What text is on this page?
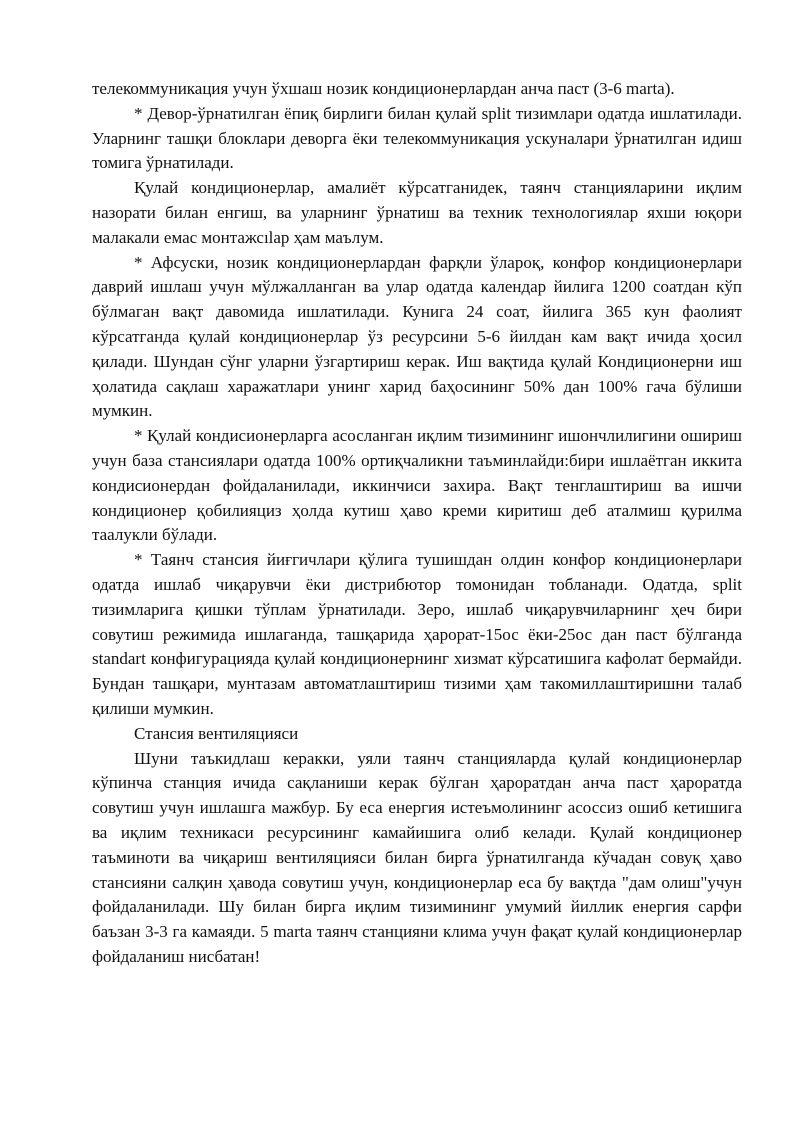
телекоммуникация учун ўхшаш нозик кондиционерлардан анча паст (3-6 marta).

* Девор-ўрнатилган ёпиқ бирлиги билан қулай split тизимлари одатда ишлатилади. Уларнинг ташқи блоклари деворга ёки телекоммуникация ускуналари ўрнатилган идиш томига ўрнатилади.

Қулай кондиционерлар, амалиёт кўрсатганидек, таянч станцияларини иқлим назорати билан енгиш, ва уларнинг ўрнатиш ва техник технологиялар яхши юқори малакали емас монтажсılар ҳам маълум.

* Афсуски, нозик кондиционерлардан фарқли ўлароқ, конфор кондиционерлари даврий ишлаш учун мўлжалланган ва улар одатда календар йилига 1200 соатдан кўп бўлмаган вақт давомида ишлатилади. Кунига 24 соат, йилига 365 кун фаолият кўрсатганда қулай кондиционерлар ўз ресурсини 5-6 йилдан кам вақт ичида ҳосил қилади. Шундан сўнг уларни ўзгартириш керак. Иш вақтида қулай Кондиционерни иш ҳолатида сақлаш харажатлари унинг харид баҳосининг 50% дан 100% гача бўлиши мумкин.

* Қулай кондисионерларга асосланган иқлим тизимининг ишончлилигини ошириш учун база стансиялари одатда 100% ортиқчаликни таъминлайди:бири ишлаётган иккита кондисионердан фойдаланилади, иккинчиси захира. Вақт тенглаштириш ва ишчи кондиционер қобилияциз ҳолда кутиш ҳаво креми киритиш деб аталмиш қурилма таалукли бўлади.

* Таянч стансия йиғгичлари қўлига тушишдан олдин конфор кондиционерлари одатда ишлаб чиқарувчи ёки дистрибютор томонидан тобланади. Одатда, split тизимларига қишки тўплам ўрнатилади. Зеро, ишлаб чиқарувчиларнинг ҳеч бири совутиш режимида ишлаганда, ташқарида ҳарорат-15ос ёки-25ос дан паст бўлганда standart конфигурацияда қулай кондиционернинг хизмат кўрсатишига кафолат бермайди. Бундан ташқари, мунтазам автоматлаштириш тизими ҳам такомиллаштиришни талаб қилиши мумкин.

Стансия вентиляцияси

Шуни таъкидлаш керакки, уяли таянч станцияларда қулай кондиционерлар кўпинча станция ичида сақланиши керак бўлган ҳароратдан анча паст ҳароратда совутиш учун ишлашга мажбур. Бу еса енергия истеъмолининг асоссиз ошиб кетишига ва иқлим техникаси ресурсининг камайишига олиб келади. Қулай кондиционер таъминоти ва чиқариш вентиляцияси билан бирга ўрнатилганда кўчадан совуқ ҳаво стансияни салқин ҳавода совутиш учун, кондиционерлар еса бу вақтда "дам олиш"учун фойдаланилади. Шу билан бирга иқлим тизимининг умумий йиллик енергия сарфи баъзан 3-3 га камаяди. 5 marta таянч станцияни клима учун фақат қулай кондиционерлар фойдаланиш нисбатан!
